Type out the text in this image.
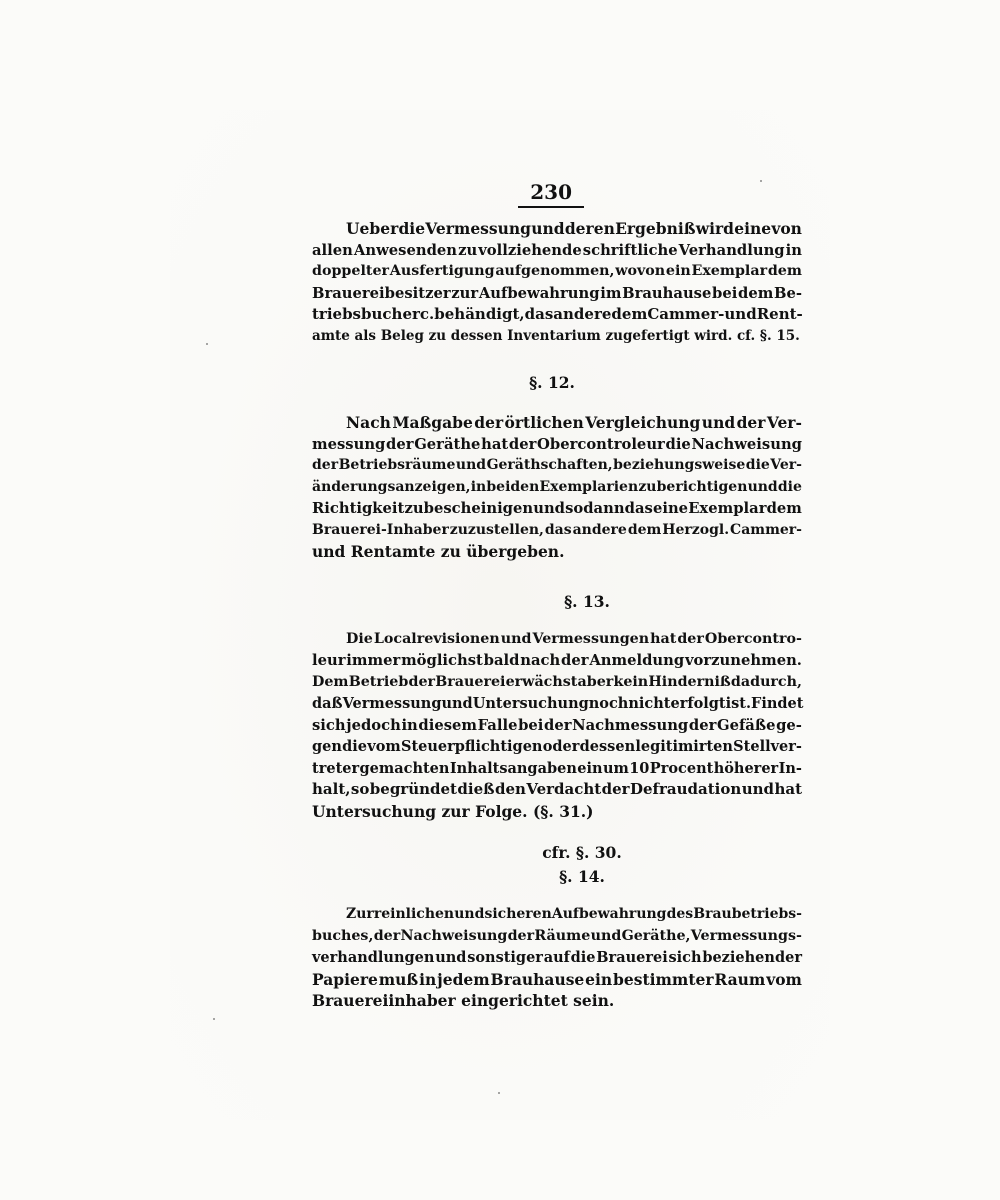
230
Ueber die Vermessung und deren Ergebniß wird eine von
allen Anwesenden zu vollziehende schriftliche Verhandlung in
doppelter Ausfertigung aufgenommen, wovon ein Exemplar dem
Brauereibesitzer zur Aufbewahrung im Brauhause bei dem Be-
triebsbuche rc. behändigt, das andere dem Cammer- und Rent-
amte als Beleg zu dessen Inventarium zugefertigt wird. cf. §. 15.
§. 12.
Nach Maßgabe der örtlichen Vergleichung und der Ver-
messung der Geräthe hat der Obercontroleur die Nachweisung
der Betriebsräume und Geräthschaften, beziehungsweise die Ver-
änderungsanzeigen, in beiden Exemplarien zu berichtigen und die
Richtigkeit zu bescheinigen und sodann das eine Exemplar dem
Brauerei-Inhaber zuzustellen, das andere dem Herzogl. Cammer-
und Rentamte zu übergeben.
§. 13.
Die Localrevisionen und Vermessungen hat der Obercontro-
leur immer möglichst bald nach der Anmeldung vorzunehmen.
Dem Betrieb der Brauerei erwächst aber kein Hinderniß dadurch,
daß Vermessung und Untersuchung noch nicht erfolgt ist. Findet
sich jedoch in diesem Falle bei der Nachmessung der Gefäße ge-
gen die vom Steuerpflichtigen oder dessen legitimirten Stellver-
treter gemachten Inhaltsangaben ein um 10 Procent höherer In-
halt, so begründet dieß den Verdacht der Defraudation und hat
Untersuchung zur Folge. (§. 31.)
cfr. §. 30.
§. 14.
Zur reinlichen und sicheren Aufbewahrung des Braubetriebs-
buches, der Nachweisung der Räume und Geräthe, Vermessungs-
verhandlungen und sonstiger auf die Brauerei sich beziehender
Papiere muß in jedem Brauhause ein bestimmter Raum vom
Brauereiinhaber eingerichtet sein.
